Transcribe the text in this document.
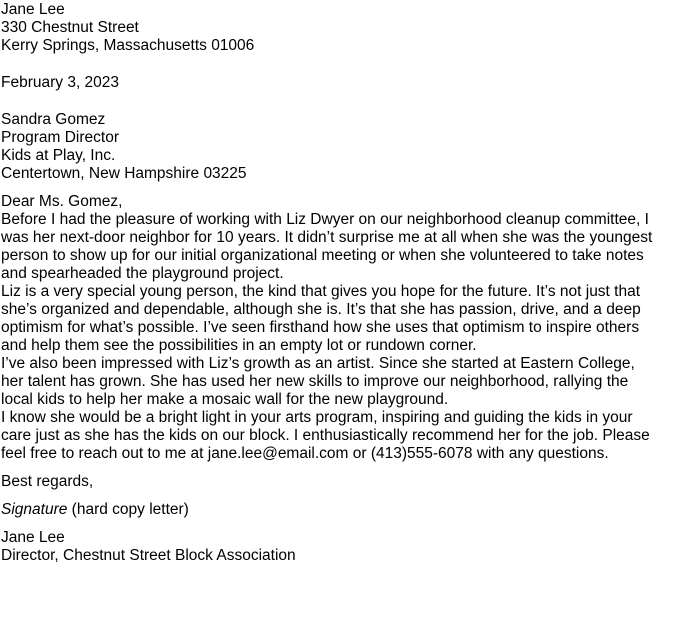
Jane Lee
330 Chestnut Street
Kerry Springs, Massachusetts 01006
February 3, 2023
Sandra Gomez
Program Director
Kids at Play, Inc.
Centertown, New Hampshire 03225
Dear Ms. Gomez,
Before I had the pleasure of working with Liz Dwyer on our neighborhood cleanup committee, I
was her next-door neighbor for 10 years. It didn’t surprise me at all when she was the youngest
person to show up for our initial organizational meeting or when she volunteered to take notes
and spearheaded the playground project.
Liz is a very special young person, the kind that gives you hope for the future. It’s not just that
she’s organized and dependable, although she is. It’s that she has passion, drive, and a deep
optimism for what’s possible. I’ve seen firsthand how she uses that optimism to inspire others
and help them see the possibilities in an empty lot or rundown corner.
I’ve also been impressed with Liz’s growth as an artist. Since she started at Eastern College,
her talent has grown. She has used her new skills to improve our neighborhood, rallying the
local kids to help her make a mosaic wall for the new playground.
I know she would be a bright light in your arts program, inspiring and guiding the kids in your
care just as she has the kids on our block. I enthusiastically recommend her for the job. Please
feel free to reach out to me at jane.lee@email.com or (413)555-6078 with any questions.
Best regards,
Signature (hard copy letter)
Jane Lee
Director, Chestnut Street Block Association
